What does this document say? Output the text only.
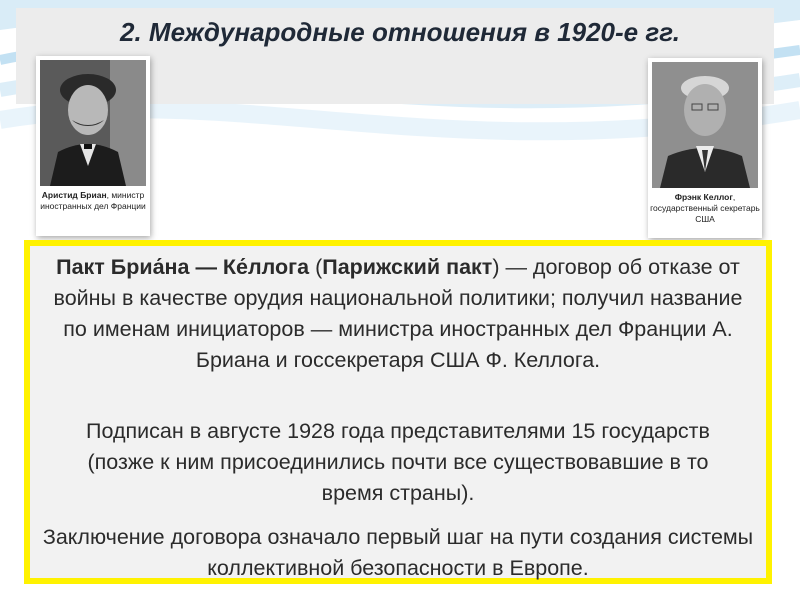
2. Международные отношения в 1920-е гг.
Аристид Бриан, министр иностранных дел Франции
Фрэнк Келлог, государственный секретарь США

Пакт Бриа́на — Ке́ллога (Парижский пакт) — договор об отказе от войны в качестве орудия национальной политики; получил название по именам инициаторов — министра иностранных дел Франции А. Бриана и госсекретаря США Ф. Келлога.

Подписан в августе 1928 года представителями 15 государств (позже к ним присоединились почти все существовавшие в то время страны).

Заключение договора означало первый шаг на пути создания системы коллективной безопасности в Европе.
